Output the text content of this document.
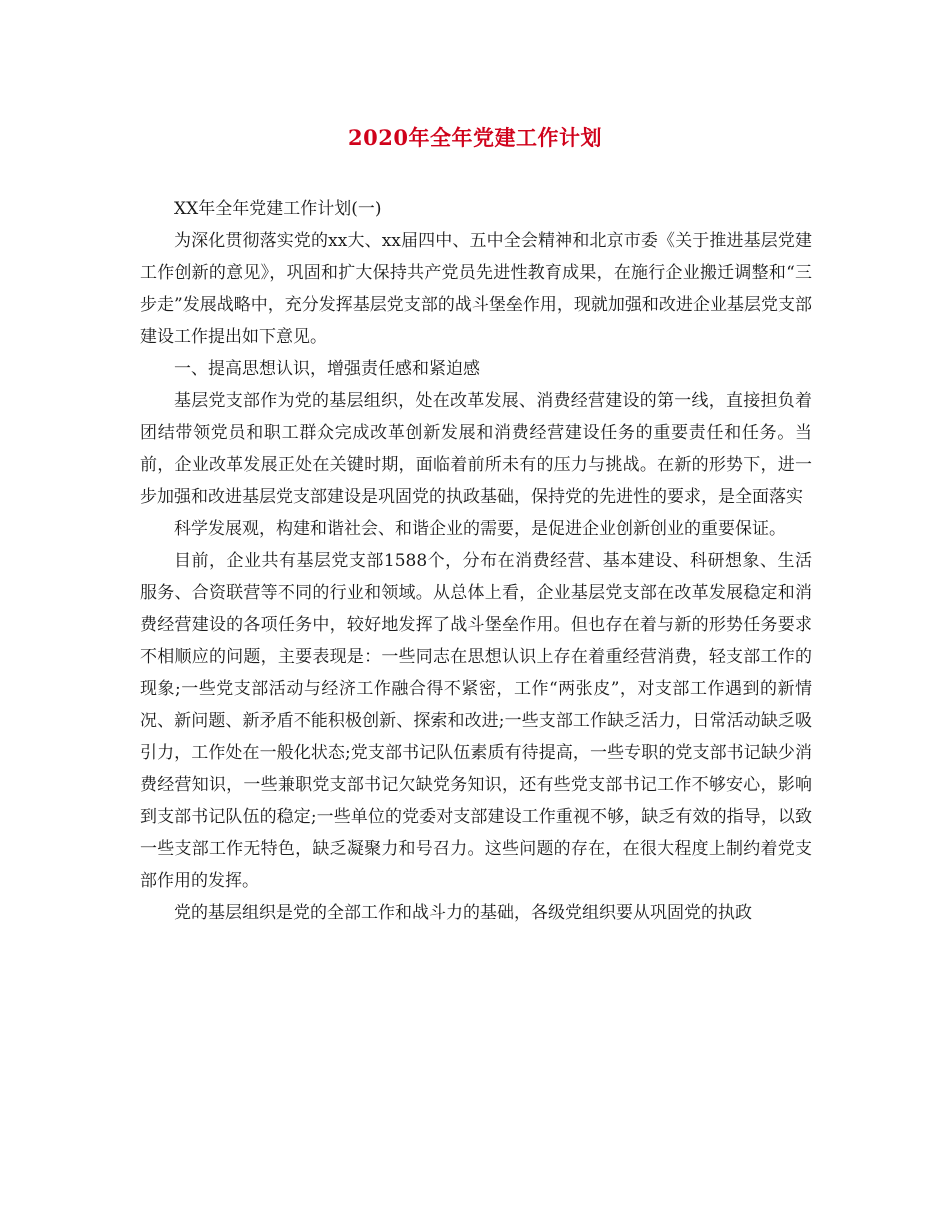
2020年全年党建工作计划

XX年全年党建工作计划(一)

为深化贯彻落实党的xx大、xx届四中、五中全会精神和北京市委《关于推进基层党建工作创新的意见》，巩固和扩大保持共产党员先进性教育成果，在施行企业搬迁调整和“三步走”发展战略中，充分发挥基层党支部的战斗堡垒作用，现就加强和改进企业基层党支部建设工作提出如下意见。

一、提高思想认识，增强责任感和紧迫感

基层党支部作为党的基层组织，处在改革发展、消费经营建设的第一线，直接担负着团结带领党员和职工群众完成改革创新发展和消费经营建设任务的重要责任和任务。当前，企业改革发展正处在关键时期，面临着前所未有的压力与挑战。在新的形势下，进一步加强和改进基层党支部建设是巩固党的执政基础，保持党的先进性的要求，是全面落实

科学发展观，构建和谐社会、和谐企业的需要，是促进企业创新创业的重要保证。

目前，企业共有基层党支部1588个，分布在消费经营、基本建设、科研想象、生活服务、合资联营等不同的行业和领域。从总体上看，企业基层党支部在改革发展稳定和消费经营建设的各项任务中，较好地发挥了战斗堡垒作用。但也存在着与新的形势任务要求不相顺应的问题，主要表现是：一些同志在思想认识上存在着重经营消费，轻支部工作的现象;一些党支部活动与经济工作融合得不紧密，工作“两张皮”，对支部工作遇到的新情况、新问题、新矛盾不能积极创新、探索和改进;一些支部工作缺乏活力，日常活动缺乏吸引力，工作处在一般化状态;党支部书记队伍素质有待提高，一些专职的党支部书记缺少消费经营知识，一些兼职党支部书记欠缺党务知识，还有些党支部书记工作不够安心，影响到支部书记队伍的稳定;一些单位的党委对支部建设工作重视不够，缺乏有效的指导，以致一些支部工作无特色，缺乏凝聚力和号召力。这些问题的存在，在很大程度上制约着党支部作用的发挥。

党的基层组织是党的全部工作和战斗力的基础，各级党组织要从巩固党的执政
